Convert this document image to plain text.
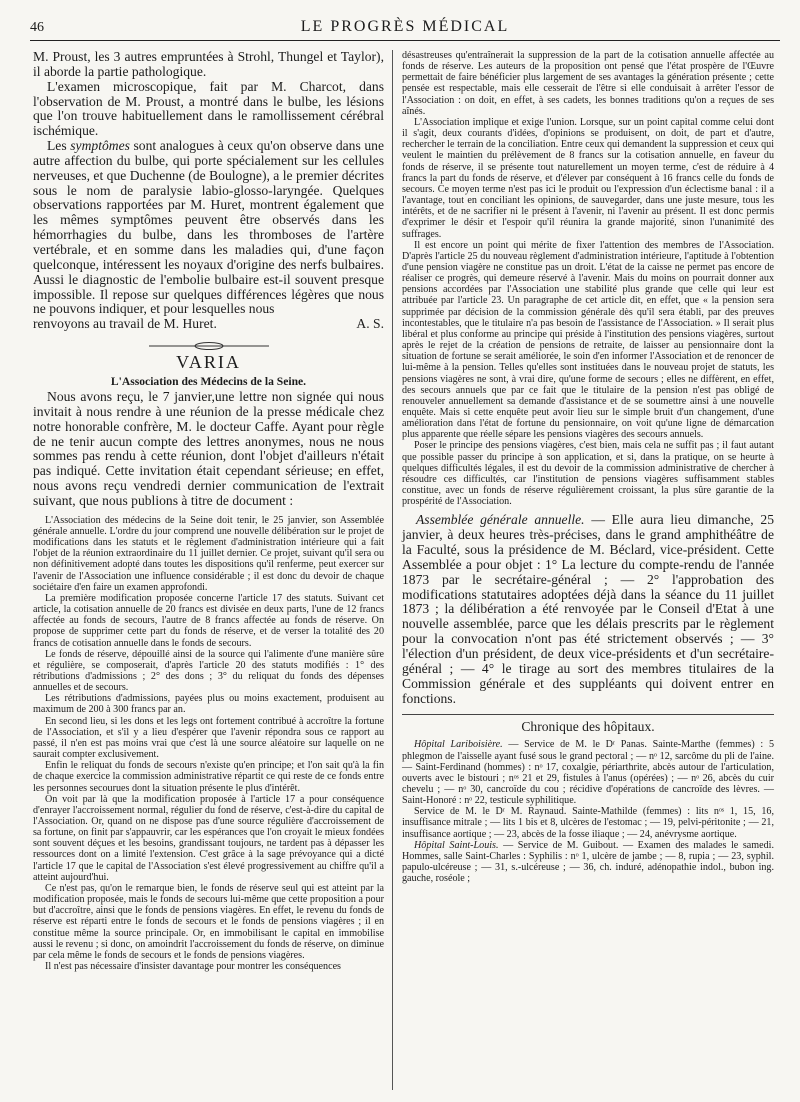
46	LE PROGRÈS MÉDICAL

M. Proust, les 3 autres empruntées à Strohl, Thungel et Taylor), il aborde la partie pathologique.

L'examen microscopique, fait par M. Charcot, dans l'observation de M. Proust, a montré dans le bulbe, les lésions que l'on trouve habituellement dans le ramollissement cérébral ischémique.

Les symptômes sont analogues à ceux qu'on observe dans une autre affection du bulbe, qui porte spécialement sur les cellules nerveuses, et que Duchenne (de Boulogne), a le premier décrites sous le nom de paralysie labio-glosso-laryngée. Quelques observations rapportées par M. Huret, montrent également que les mêmes symptômes peuvent être observés dans les hémorrhagies du bulbe, dans les thromboses de l'artère vertébrale, et en somme dans les maladies qui, d'une façon quelconque, intéressent les noyaux d'origine des nerfs bulbaires. Aussi le diagnostic de l'embolie bulbaire est-il souvent presque impossible. Il repose sur quelques différences légères que nous ne pouvons indiquer, et pour lesquelles nous

renvoyons au travail de M. Huret.	A. S.

VARIA
L'Association des Médecins de la Seine.

Nous avons reçu, le 7 janvier,une lettre non signée qui nous invitait à nous rendre à une réunion de la presse médicale chez notre honorable confrère, M. le docteur Caffe. Ayant pour règle de ne tenir aucun compte des lettres anonymes, nous ne nous sommes pas rendu à cette réunion, dont l'objet d'ailleurs n'était pas indiqué. Cette invitation était cependant sérieuse; en effet, nous avons reçu vendredi dernier communication de l'extrait suivant, que nous publions à titre de document :

L'Association des médecins de la Seine doit tenir, le 25 janvier, son Assemblée générale annuelle. L'ordre du jour comprend une nouvelle délibération sur le projet de modifications dans les statuts et le règlement d'administration intérieure qui a fait l'objet de la réunion extraordinaire du 11 juillet dernier. Ce projet, suivant qu'il sera ou non définitivement adopté dans toutes les dispositions qu'il renferme, peut exercer sur l'avenir de l'Association une influence considérable ; il est donc du devoir de chaque sociétaire d'en faire un examen approfondi.

La première modification proposée concerne l'article 17 des statuts. Suivant cet article, la cotisation annuelle de 20 francs est divisée en deux parts, l'une de 12 francs affectée au fonds de secours, l'autre de 8 francs affectée au fonds de réserve. On propose de supprimer cette part du fonds de réserve, et de verser la totalité des 20 francs de cotisation annuelle dans le fonds de secours.

Le fonds de réserve, dépouillé ainsi de la source qui l'alimente d'une manière sûre et régulière, se composerait, d'après l'article 20 des statuts modifiés : 1° des rétributions d'admissions ; 2° des dons ; 3° du reliquat du fonds des dépenses annuelles et de secours.

Les rétributions d'admissions, payées plus ou moins exactement, produisent au maximum de 200 à 300 francs par an.

En second lieu, si les dons et les legs ont fortement contribué à accroître la fortune de l'Association, et s'il y a lieu d'espérer que l'avenir répondra sous ce rapport au passé, il n'en est pas moins vrai que c'est là une source aléatoire sur laquelle on ne saurait compter exclusivement.

Enfin le reliquat du fonds de secours n'existe qu'en principe; et l'on sait qu'à la fin de chaque exercice la commission administrative répartit ce qui reste de ce fonds entre les personnes secourues dont la situation présente le plus d'intérêt.

On voit par là que la modification proposée à l'article 17 a pour conséquence d'enrayer l'accroissement normal, régulier du fond de réserve, c'est-à-dire du capital de l'Association. Or, quand on ne dispose pas d'une source régulière d'accroissement de sa fortune, on finit par s'appauvrir, car les espérances que l'on croyait le mieux fondées sont souvent déçues et les besoins, grandissant toujours, ne tardent pas à dépasser les ressources dont on a limité l'extension. C'est grâce à la sage prévoyance qui a dicté l'article 17 que le capital de l'Association s'est élevé progressivement au chiffre qu'il a atteint aujourd'hui.

Ce n'est pas, qu'on le remarque bien, le fonds de réserve seul qui est atteint par la modification proposée, mais le fonds de secours lui-même que cette proposition a pour but d'accroître, ainsi que le fonds de pensions viagères. En effet, le revenu du fonds de réserve est réparti entre le fonds de secours et le fonds de pensions viagères ; il en constitue même la source principale. Or, en immobilisant le capital en immobilise aussi le revenu ; si donc, on amoindrit l'accroissement du fonds de réserve, on diminue par cela même le fonds de secours et le fonds de pensions viagères.

Il n'est pas nécessaire d'insister davantage pour montrer les conséquences

désastreuses qu'entraînerait la suppression de la part de la cotisation annuelle affectée au fonds de réserve. Les auteurs de la proposition ont pensé que l'état prospère de l'Œuvre permettait de faire bénéficier plus largement de ses avantages la génération présente ; cette pensée est respectable, mais elle cesserait de l'être si elle conduisait à arrêter l'essor de l'Association : on doit, en effet, à ses cadets, les bonnes traditions qu'on a reçues de ses aînés.

L'Association implique et exige l'union. Lorsque, sur un point capital comme celui dont il s'agit, deux courants d'idées, d'opinions se produisent, on doit, de part et d'autre, rechercher le terrain de la conciliation. Entre ceux qui demandent la suppression et ceux qui veulent le maintien du prélèvement de 8 francs sur la cotisation annuelle, en faveur du fonds de réserve, il se présente tout naturellement un moyen terme, c'est de réduire à 4 francs la part du fonds de réserve, et d'élever par conséquent à 16 francs celle du fonds de secours. Ce moyen terme n'est pas ici le produit ou l'expression d'un éclectisme banal : il a l'avantage, tout en conciliant les opinions, de sauvegarder, dans une juste mesure, tous les intérêts, et de ne sacrifier ni le présent à l'avenir, ni l'avenir au présent. Il est donc permis d'exprimer le désir et l'espoir qu'il réunira la grande majorité, sinon l'unanimité des suffrages.

Il est encore un point qui mérite de fixer l'attention des membres de l'Association. D'après l'article 25 du nouveau règlement d'administration intérieure, l'aptitude à l'obtention d'une pension viagère ne constitue pas un droit. L'état de la caisse ne permet pas encore de réaliser ce progrès, qui demeure réservé à l'avenir. Mais du moins on pourrait donner aux pensions accordées par l'Association une stabilité plus grande que celle qui leur est attribuée par l'article 23. Un paragraphe de cet article dit, en effet, que « la pension sera supprimée par décision de la commission générale dès qu'il sera établi, par des preuves incontestables, que le titulaire n'a pas besoin de l'assistance de l'Association. » Il serait plus libéral et plus conforme au principe qui préside à l'institution des pensions viagères, surtout après le rejet de la création de pensions de retraite, de laisser au pensionnaire dont la situation de fortune se serait améliorée, le soin d'en informer l'Association et de renoncer de lui-même à la pension. Telles qu'elles sont instituées dans le nouveau projet de statuts, les pensions viagères ne sont, à vrai dire, qu'une forme de secours ; elles ne diffèrent, en effet, des secours annuels que par ce fait que le titulaire de la pension n'est pas obligé de renouveler annuellement sa demande d'assistance et de se soumettre ainsi à une nouvelle enquête. Mais si cette enquête peut avoir lieu sur le simple bruit d'un changement, d'une amélioration dans l'état de fortune du pensionnaire, on voit qu'une ligne de démarcation plus apparente que réelle sépare les pensions viagères des secours annuels.

Poser le principe des pensions viagères, c'est bien, mais cela ne suffit pas ; il faut autant que possible passer du principe à son application, et si, dans la pratique, on se heurte à quelques difficultés légales, il est du devoir de la commission administrative de chercher à résoudre ces difficultés, car l'institution de pensions viagères suffisamment stables constitue, avec un fonds de réserve régulièrement croissant, la plus sûre garantie de la prospérité de l'Association.

Assemblée générale annuelle. — Elle aura lieu dimanche, 25 janvier, à deux heures très-précises, dans le grand amphithéâtre de la Faculté, sous la présidence de M. Béclard, vice-président. Cette Assemblée a pour objet : 1° La lecture du compte-rendu de l'année 1873 par le secrétaire-général ; — 2° l'approbation des modifications statutaires adoptées déjà dans la séance du 11 juillet 1873 ; la délibération a été renvoyée par le Conseil d'Etat à une nouvelle assemblée, parce que les délais prescrits par le règlement pour la convocation n'ont pas été strictement observés ; — 3° l'élection d'un président, de deux vice-présidents et d'un secrétaire-général ; — 4° le tirage au sort des membres titulaires de la Commission générale et des suppléants qui doivent entrer en fonctions.

Chronique des hôpitaux.

Hôpital Lariboisière. — Service de M. le Dʳ Panas. Sainte-Marthe (femmes) : 5 phlegmon de l'aisselle ayant fusé sous le grand pectoral ; — nᵒ 12, sarcôme du pli de l'aine. — Saint-Ferdinand (hommes) : nᵒ 17, coxalgie, périarthrite, abcès autour de l'articulation, ouverts avec le bistouri ; nᵒˢ 21 et 29, fistules à l'anus (opérées) ; — nᵒ 26, abcès du cuir chevelu ; — nᵒ 30, cancroïde du cou ; récidive d'opérations de cancroïde des lèvres. — Saint-Honoré : nᵒ 22, testicule syphilitique.

Service de M. le Dʳ M. Raynaud. Sainte-Mathilde (femmes) : lits nᵒˢ 1, 15, 16, insuffisance mitrale ; — lits 1 bis et 8, ulcères de l'estomac ; — 19, pelvi-péritonite ; — 21, insuffisance aortique ; — 23, abcès de la fosse iliaque ; — 24, anévrysme aortique.

Hôpital Saint-Louis. — Service de M. Guibout. — Examen des malades le samedi. Hommes, salle Saint-Charles : Syphilis : nᵒ 1, ulcère de jambe ; — 8, rupia ; — 23, syphil. papulo-ulcéreuse ; — 31, s.-ulcéreuse ; — 36, ch. induré, adénopathie indol., bubon ing. gauche, roséole ;
